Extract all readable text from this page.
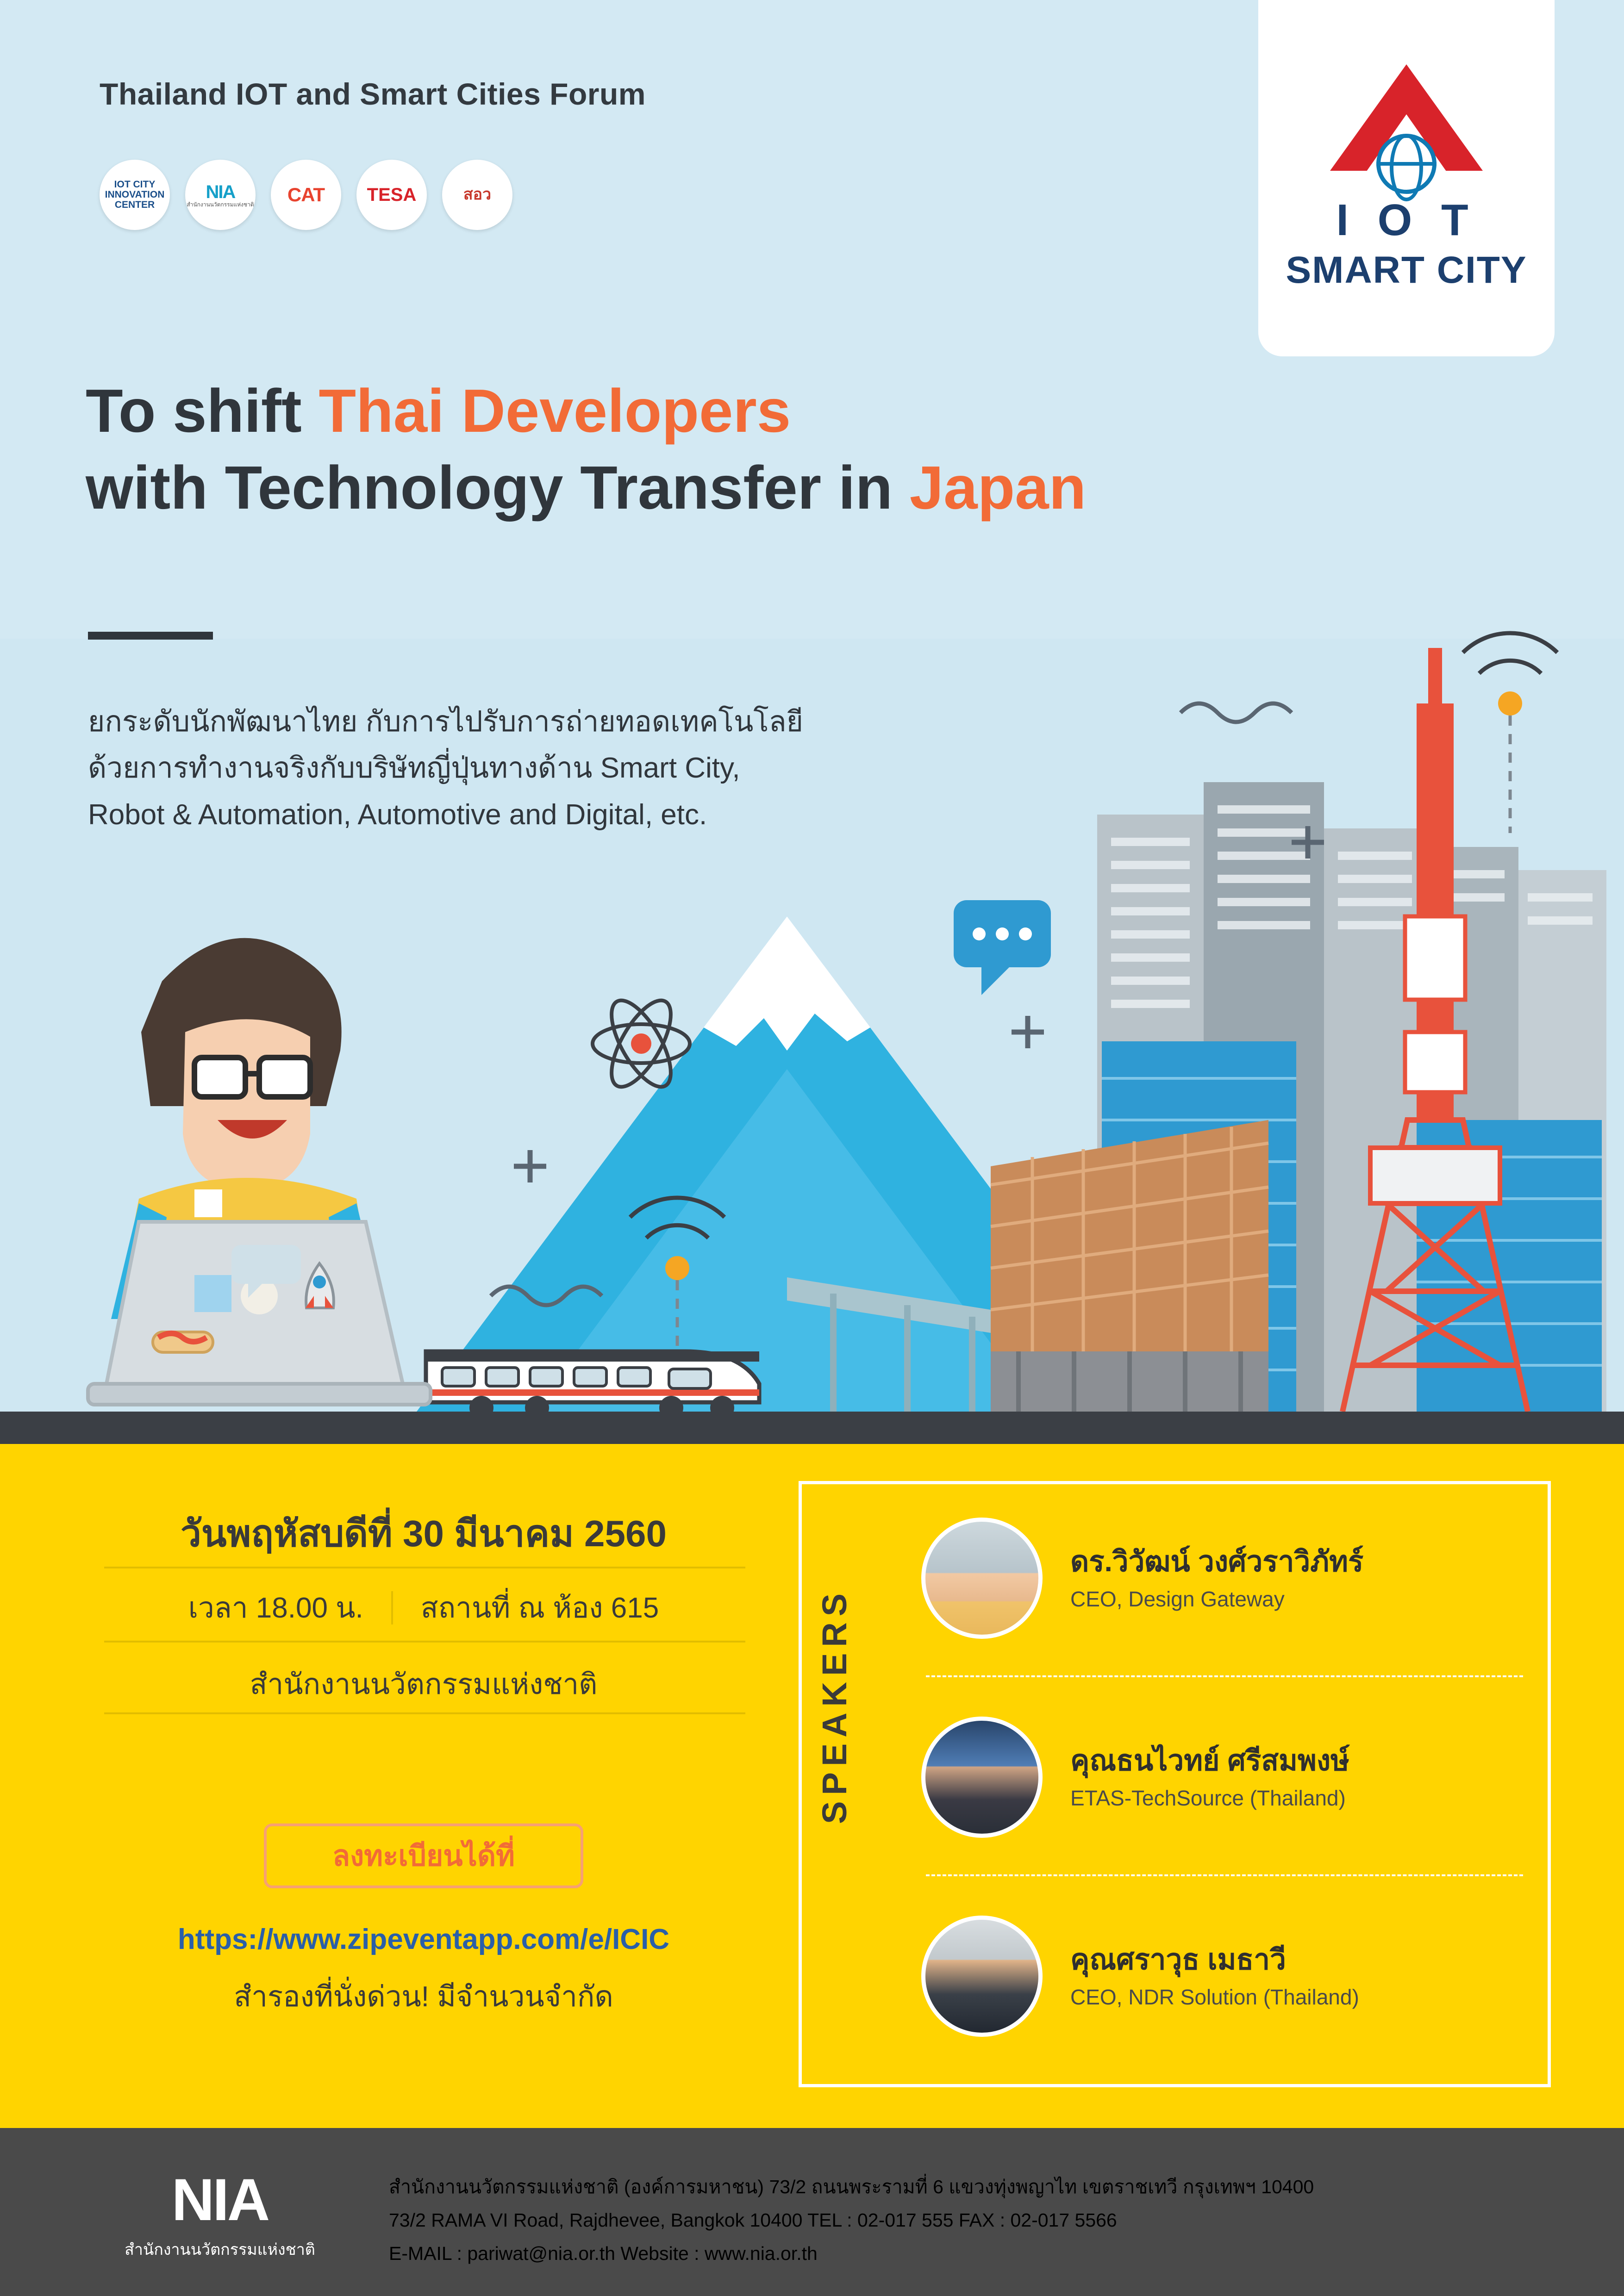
Thailand IOT and Smart Cities Forum
IOT CITY
INNOVATION
CENTER
NIA
สำนักงานนวัตกรรมแห่งชาติ CAT TESA	สอว
I O T
SMART CITY
To shift Thai Developers
with Technology Transfer in Japan
ยกระดับนักพัฒนาไทย กับการไปรับการถ่ายทอดเทคโนโลยี
ด้วยการทำงานจริงกับบริษัทญี่ปุ่นทางด้าน Smart City,
Robot & Automation, Automotive and Digital, etc.
วันพฤหัสบดีที่ 30 มีนาคม 2560
เวลา 18.00 น. สถานที่ ณ ห้อง 615
สำนักงานนวัตกรรมแห่งชาติ
ลงทะเบียนได้ที่
https://www.zipeventapp.com/e/ICIC
สำรองที่นั่งด่วน! มีจำนวนจำกัด
SPEAKERS
ดร.วิวัฒน์ วงศ์วราวิภัทร์
CEO, Design Gateway
คุณธนไวทย์ ศรีสมพงษ์
ETAS-TechSource (Thailand)
คุณศราวุธ เมธาวี
CEO, NDR Solution (Thailand)
NIA
สำนักงานนวัตกรรมแห่งชาติ
สำนักงานนวัตกรรมแห่งชาติ (องค์การมหาชน) 73/2 ถนนพระรามที่ 6 แขวงทุ่งพญาไท เขตราชเทวี กรุงเทพฯ 10400
73/2 RAMA VI Road, Rajdhevee, Bangkok 10400 TEL : 02-017 555 FAX : 02-017 5566
E-MAIL : pariwat@nia.or.th Website : www.nia.or.th
